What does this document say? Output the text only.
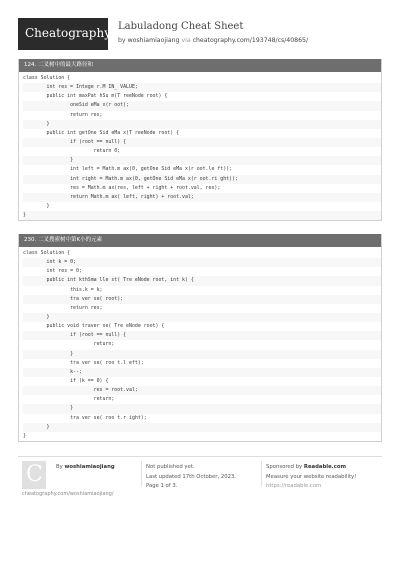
Cheatography Labuladong Cheat Sheet
by woshiamiaojiang via cheatography.com/193748/cs/40865/
124. 二叉树中的最大路径和
class Solution {
int res = Intege r.M IN_ VALUE;
public int maxPat hSu m(T reeNode root) {
oneSid eMa x(r oot);
return res;
}
public int getOne Sid eMa x(T reeNode root) {
if (root == null) {
return 0;
}
int left = Math.m ax(0, getOne Sid eMa x(r oot.le ft));
int right = Math.m ax(0, getOne Sid eMa x(r oot.ri ght));
res = Math.m ax(res, left + right + root.val, res);
return Math.m ax( left, right) + root.val;
}
}
230. 二叉搜索树中第K小的元素
class Solution {
int k = 0;
int res = 0;
public int kthSma lle st( Tre eNode root, int k) {
this.k = k;
tra ver se( root);
return res;
}
public void traver se( Tre eNode root) {
if (root == null) {
return;
}
tra ver se( roo t.l eft);
k--;
if (k == 0) {
res = root.val;
return;
}
tra ver se( roo t.r ight);
}
}
C By woshiamiaojiang	Not published yet.
Last updated 17th October, 2023.
Page 1 of 3.
Sponsored by Readable.com
Measure your website readability!
https://readable.com
cheatography.com/woshiamiaojiang/
